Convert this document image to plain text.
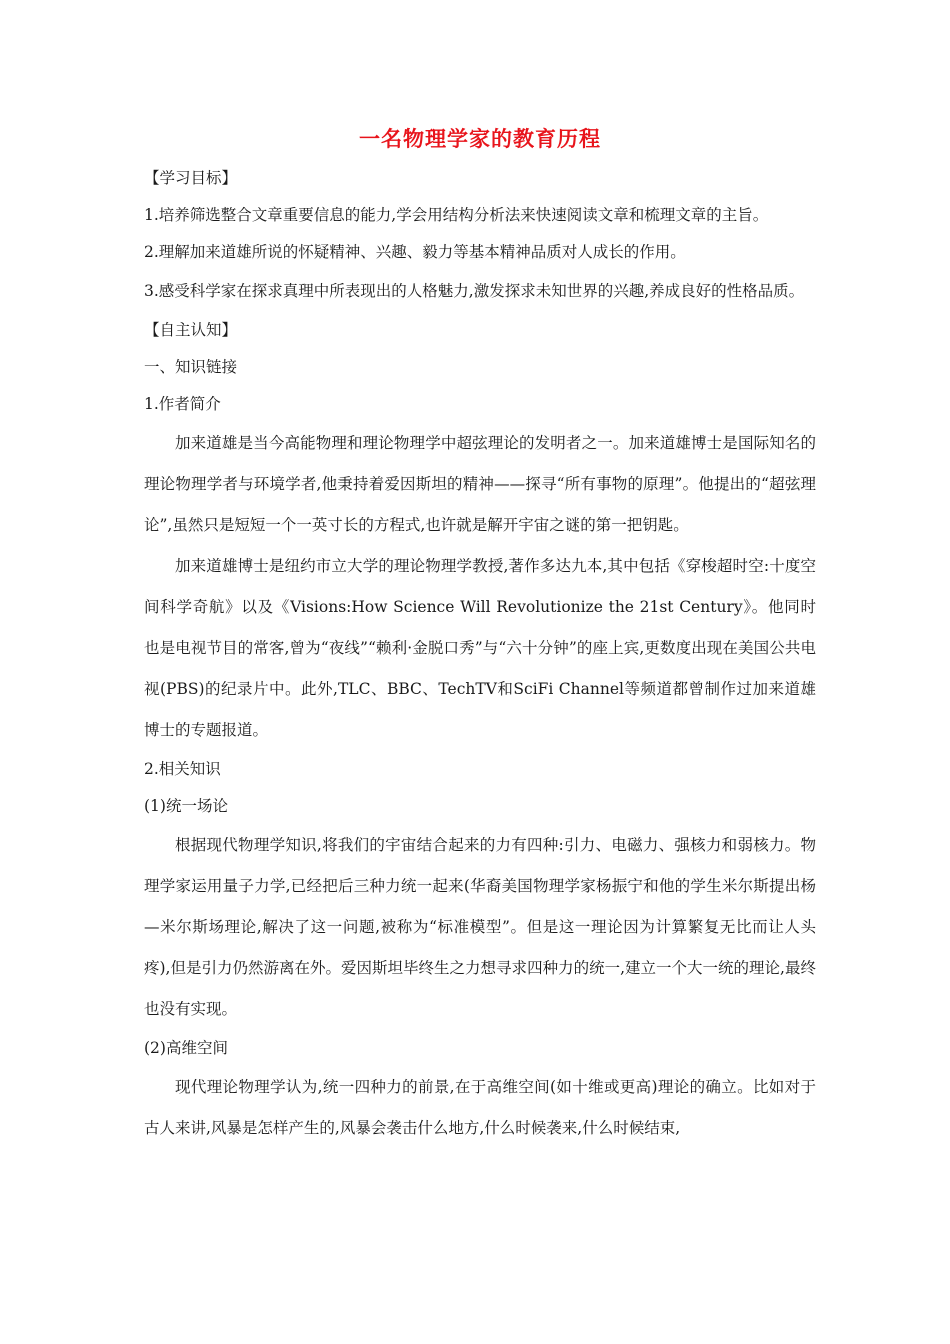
一名物理学家的教育历程

【学习目标】

1.培养筛选整合文章重要信息的能力,学会用结构分析法来快速阅读文章和梳理文章的主旨。

2.理解加来道雄所说的怀疑精神、兴趣、毅力等基本精神品质对人成长的作用。

3.感受科学家在探求真理中所表现出的人格魅力,激发探求未知世界的兴趣,养成良好的性格品质。

【自主认知】

一、知识链接

1.作者简介

加来道雄是当今高能物理和理论物理学中超弦理论的发明者之一。加来道雄博士是国际知名的理论物理学者与环境学者,他秉持着爱因斯坦的精神——探寻“所有事物的原理”。他提出的“超弦理论”,虽然只是短短一个一英寸长的方程式,也许就是解开宇宙之谜的第一把钥匙。

加来道雄博士是纽约市立大学的理论物理学教授,著作多达九本,其中包括《穿梭超时空:十度空间科学奇航》以及《Visions:How Science Will Revolutionize the 21st Century》。他同时也是电视节目的常客,曾为“夜线”“赖利·金脱口秀”与“六十分钟”的座上宾,更数度出现在美国公共电视(PBS)的纪录片中。此外,TLC、BBC、TechTV和SciFi Channel等频道都曾制作过加来道雄博士的专题报道。

2.相关知识

(1)统一场论

根据现代物理学知识,将我们的宇宙结合起来的力有四种:引力、电磁力、强核力和弱核力。物理学家运用量子力学,已经把后三种力统一起来(华裔美国物理学家杨振宁和他的学生米尔斯提出杨—米尔斯场理论,解决了这一问题,被称为“标准模型”。但是这一理论因为计算繁复无比而让人头疼),但是引力仍然游离在外。爱因斯坦毕终生之力想寻求四种力的统一,建立一个大一统的理论,最终也没有实现。

(2)高维空间

现代理论物理学认为,统一四种力的前景,在于高维空间(如十维或更高)理论的确立。比如对于古人来讲,风暴是怎样产生的,风暴会袭击什么地方,什么时候袭来,什么时候结束,
